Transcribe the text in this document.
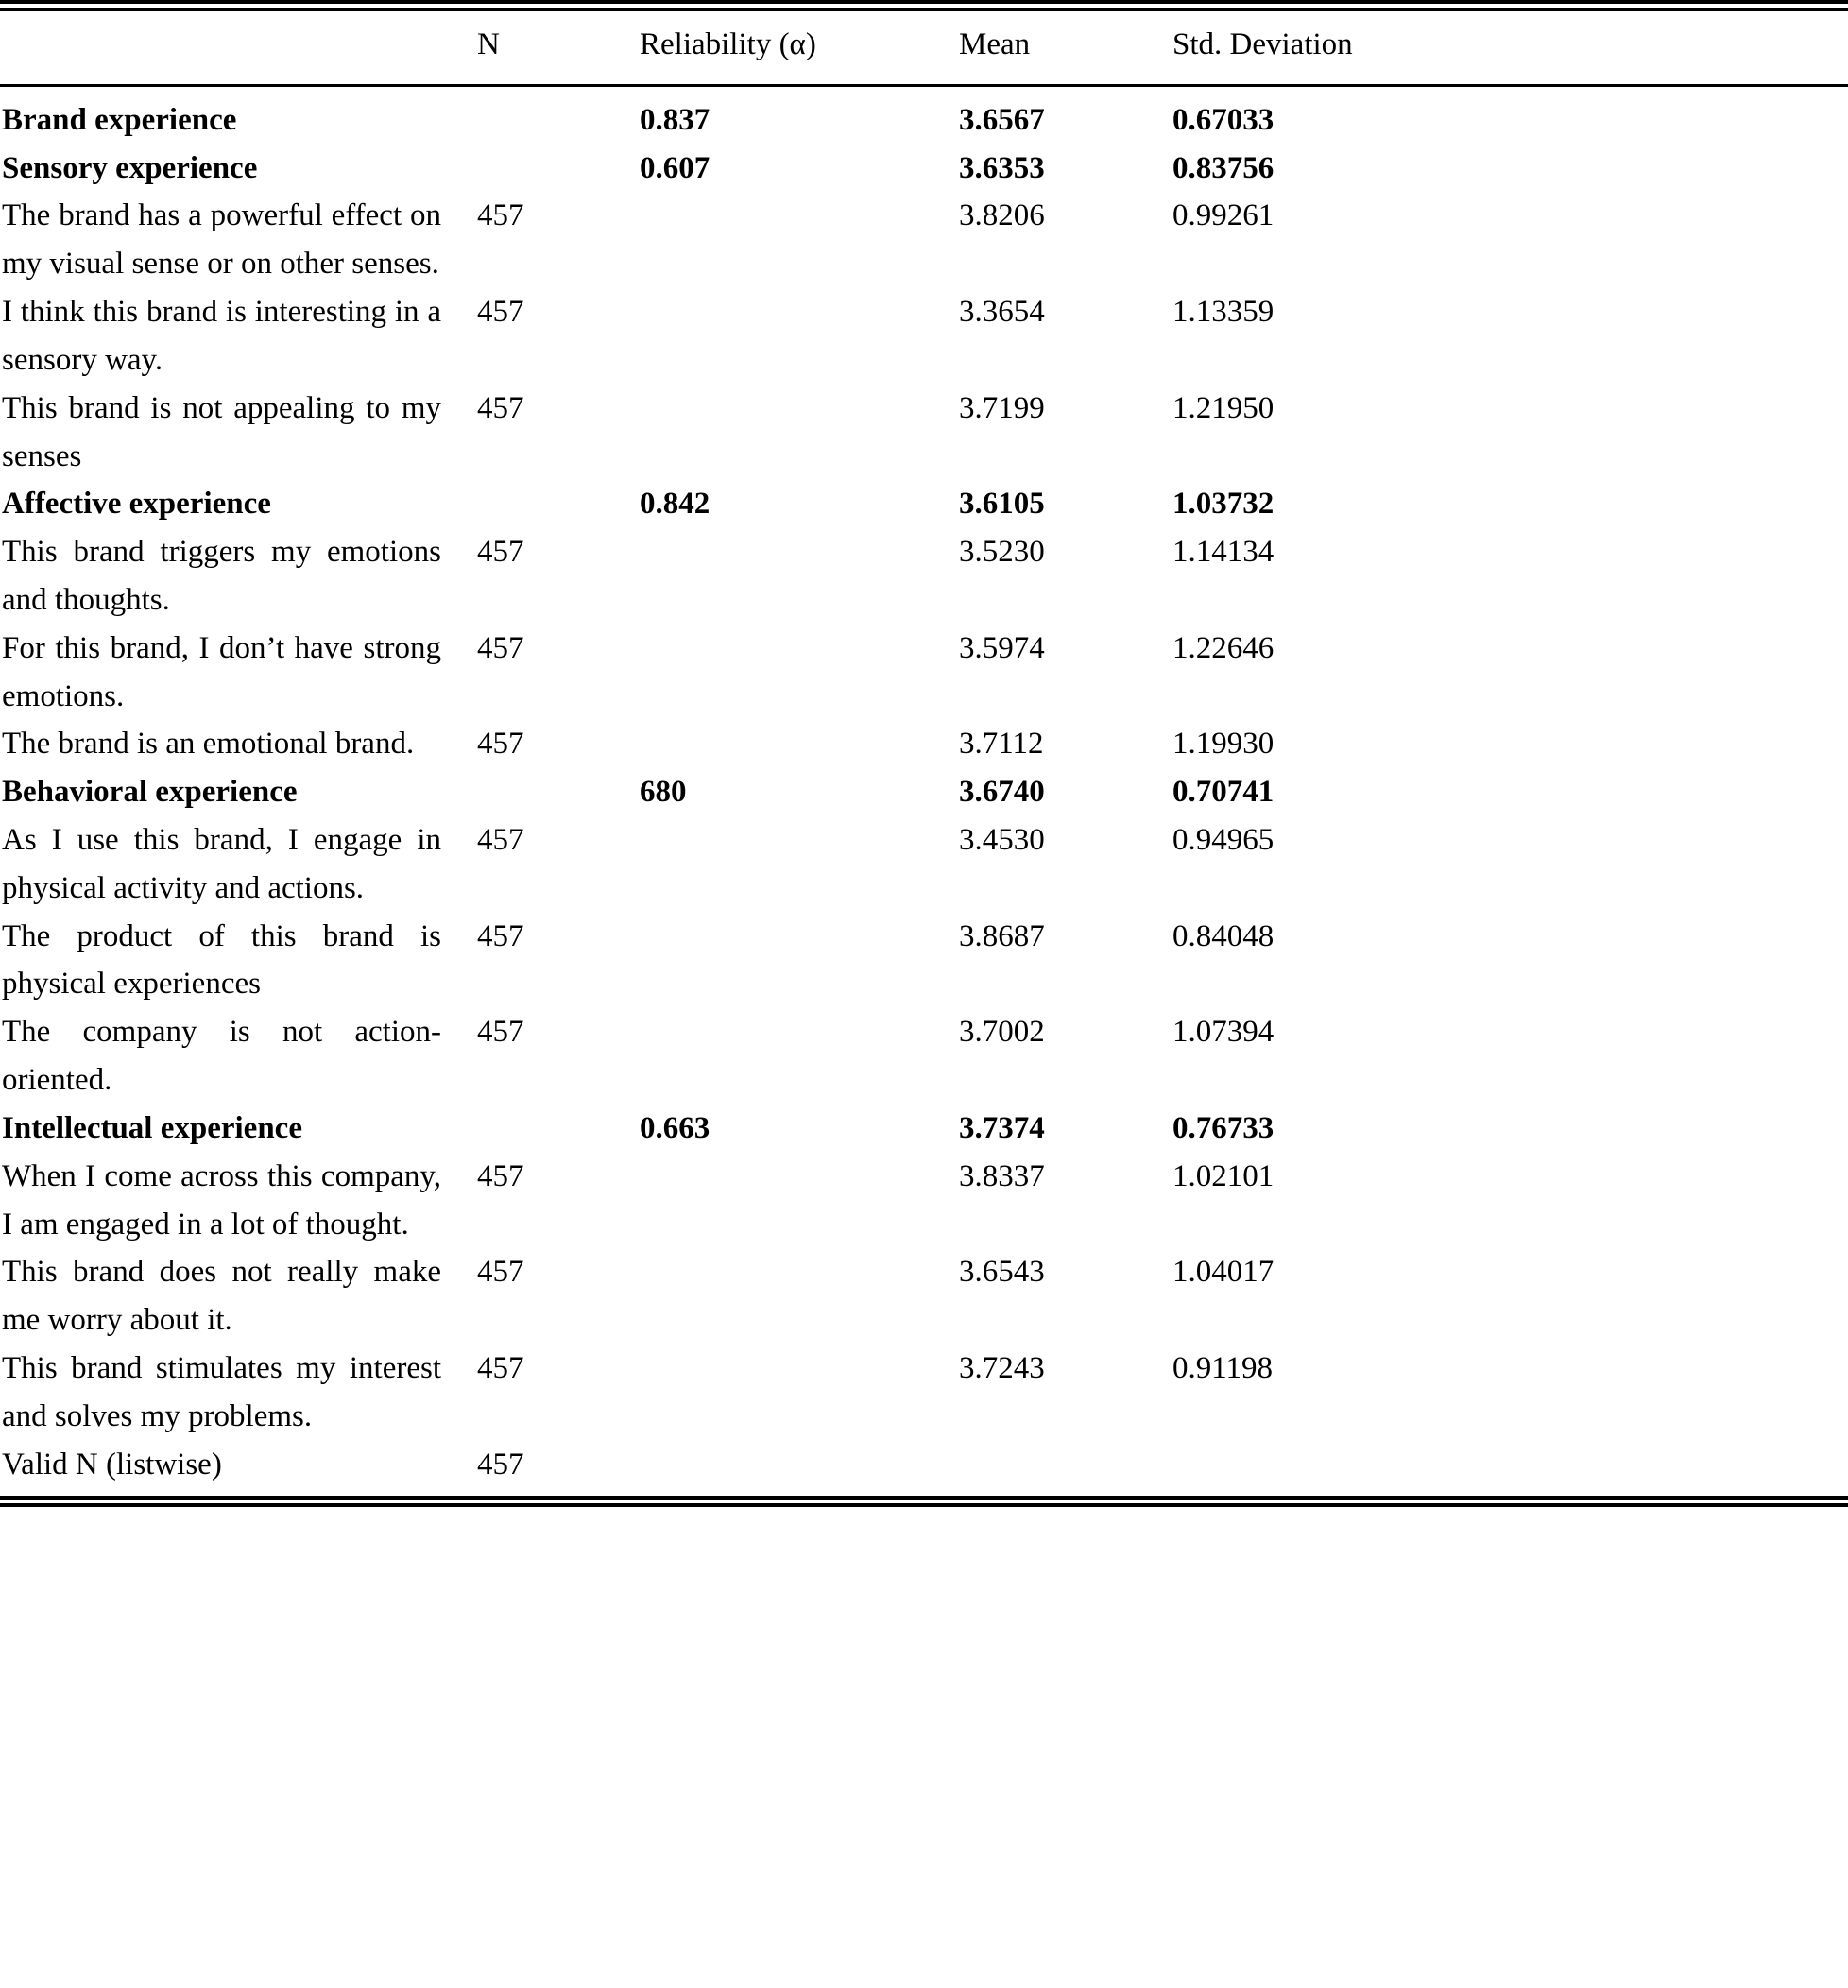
	N	Reliability (α)	Mean	Std. Deviation
Brand experience		0.837	3.6567	0.67033
Sensory experience		0.607	3.6353	0.83756
The brand has a powerful effect on my visual sense or on other senses.	457		3.8206	0.99261
I think this brand is interesting in a sensory way.	457		3.3654	1.13359
This brand is not appealing to my senses	457		3.7199	1.21950
Affective experience		0.842	3.6105	1.03732
This brand triggers my emotions and thoughts.	457		3.5230	1.14134
For this brand, I don’t have strong emotions.	457		3.5974	1.22646
The brand is an emotional brand.	457		3.7112	1.19930
Behavioral experience		680	3.6740	0.70741
As I use this brand, I engage in physical activity and actions.	457		3.4530	0.94965
The product of this brand is physical experiences	457		3.8687	0.84048
The company is not action-oriented.	457		3.7002	1.07394
Intellectual experience		0.663	3.7374	0.76733
When I come across this company, I am engaged in a lot of thought.	457		3.8337	1.02101
This brand does not really make me worry about it.	457		3.6543	1.04017
This brand stimulates my interest and solves my problems.	457		3.7243	0.91198
Valid N (listwise)	457			
